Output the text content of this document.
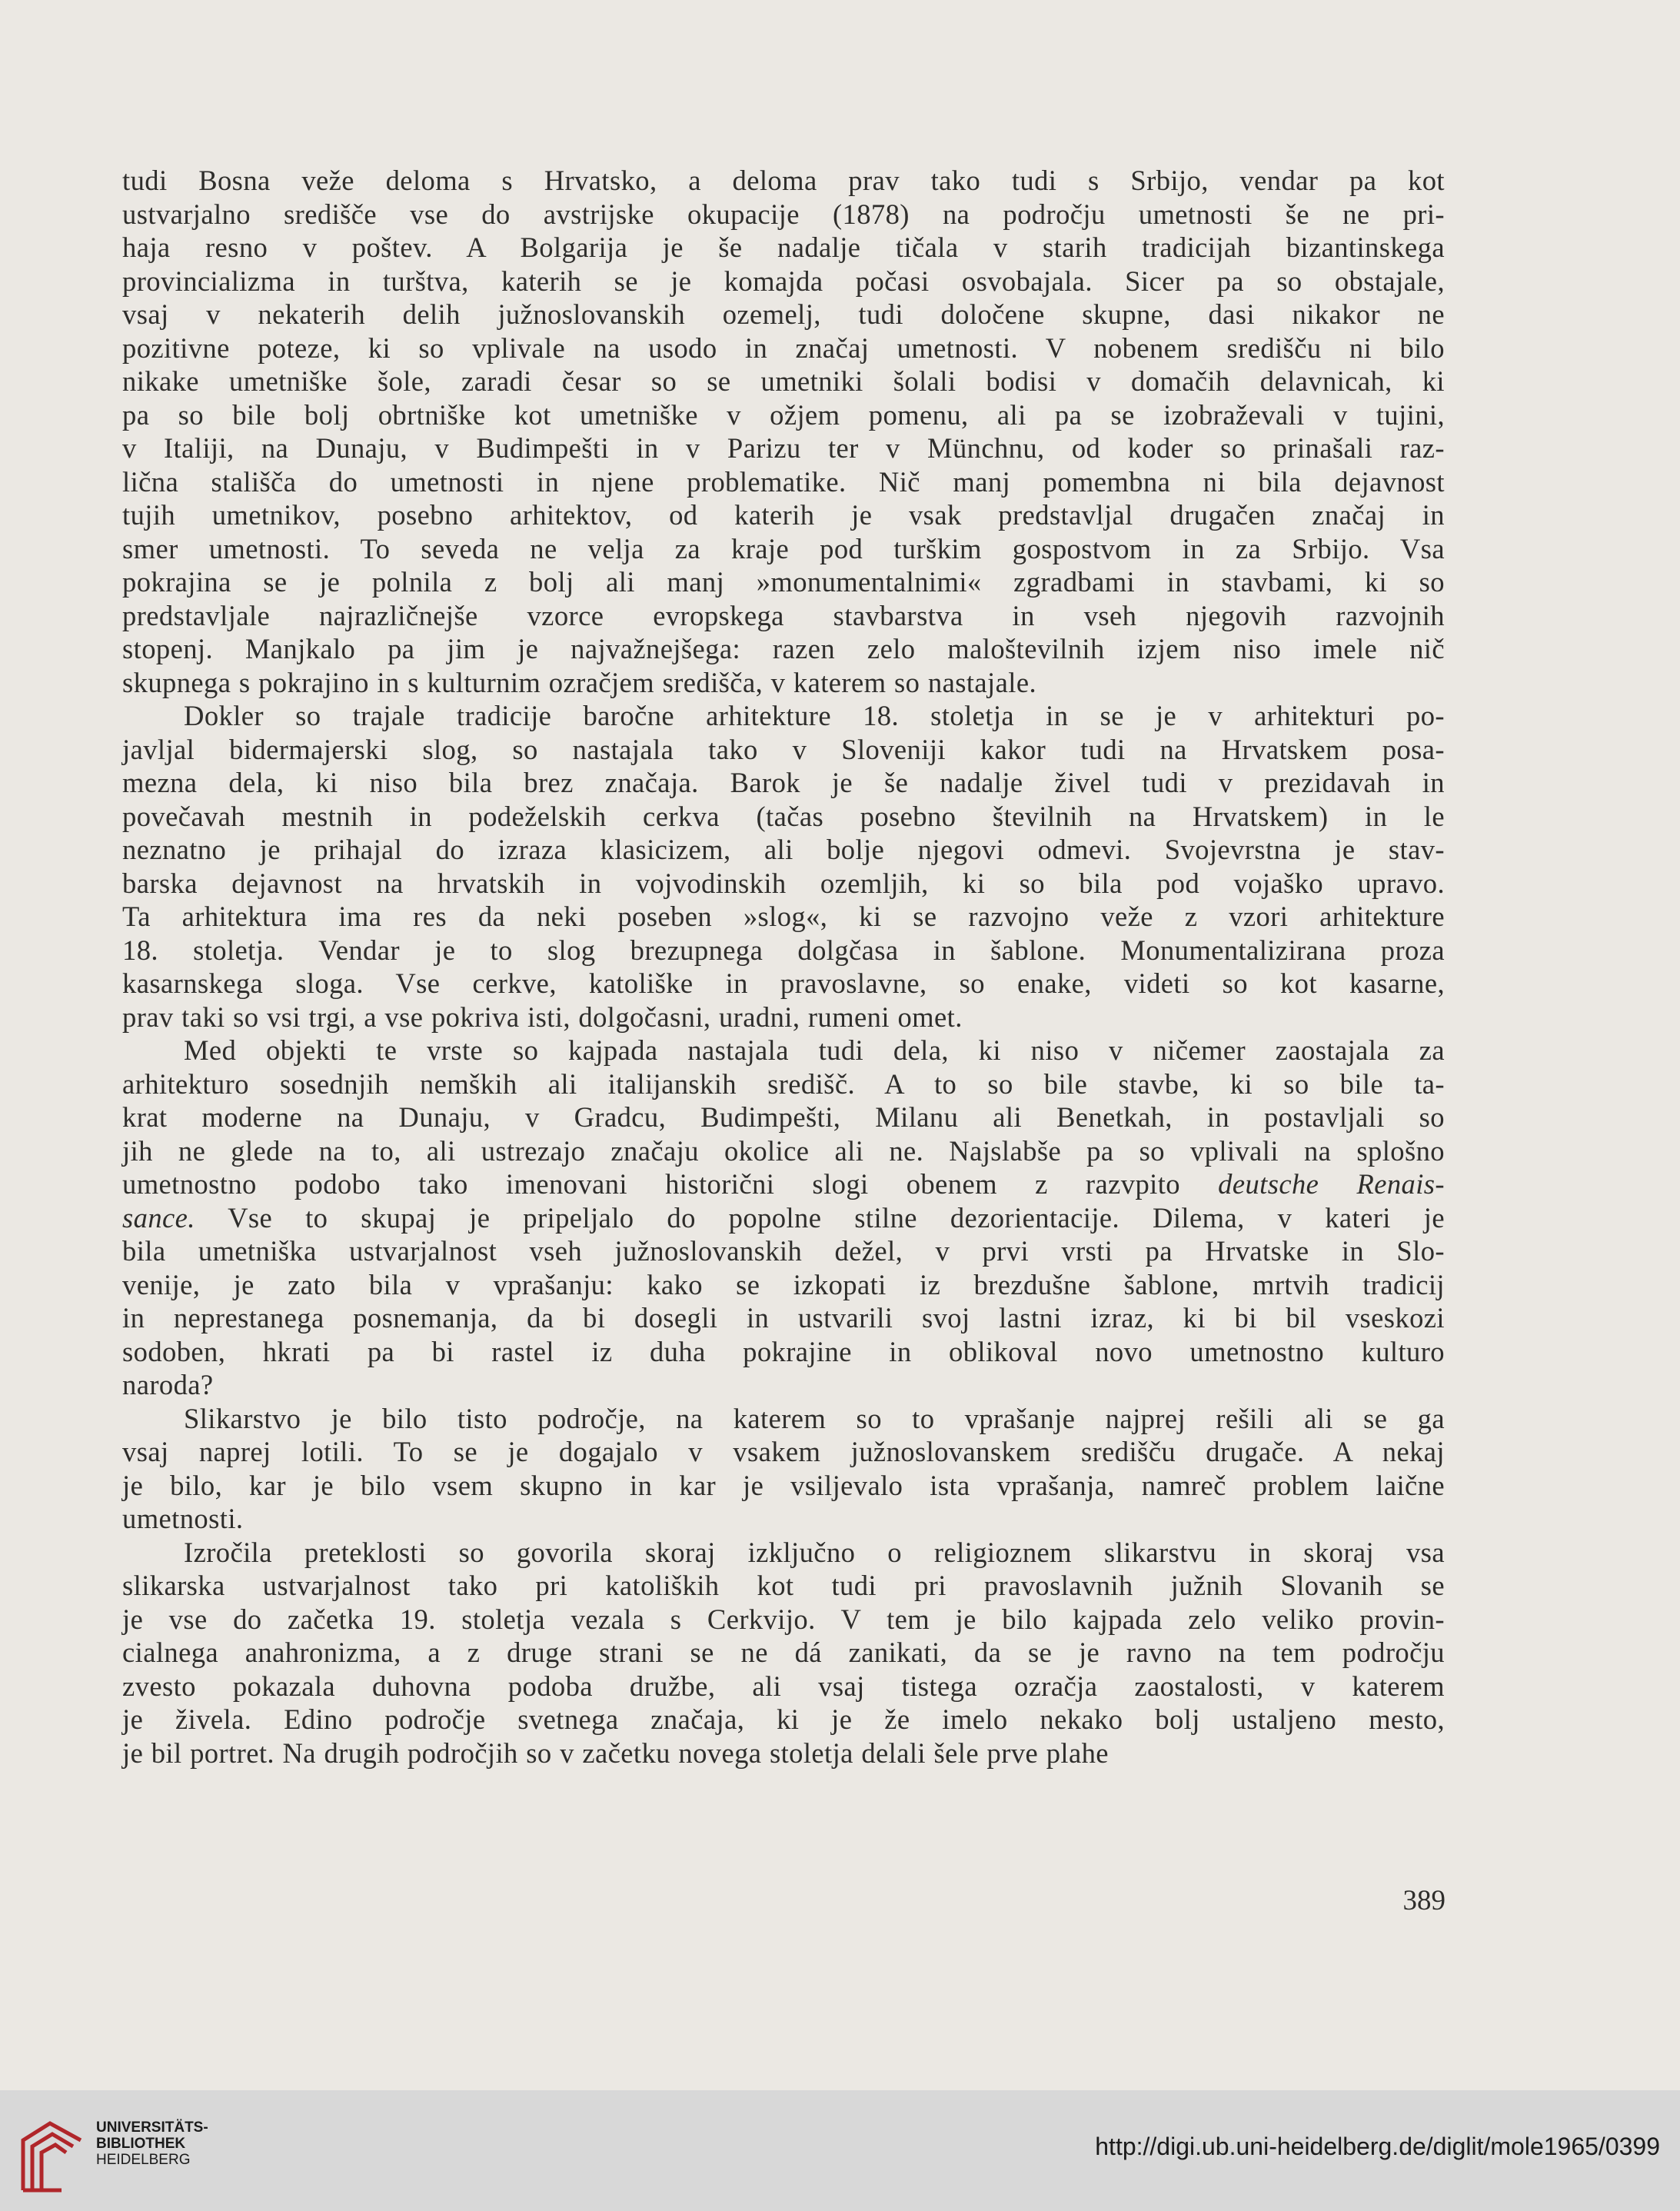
tudi Bosna veže deloma s Hrvatsko, a deloma prav tako tudi s Srbijo, vendar pa kot
ustvarjalno središče vse do avstrijske okupacije (1878) na področju umetnosti še ne pri-
haja resno v poštev. A Bolgarija je še nadalje tičala v starih tradicijah bizantinskega
provincializma in turštva, katerih se je komajda počasi osvobajala. Sicer pa so obstajale,
vsaj v nekaterih delih južnoslovanskih ozemelj, tudi določene skupne, dasi nikakor ne
pozitivne poteze, ki so vplivale na usodo in značaj umetnosti. V nobenem središču ni bilo
nikake umetniške šole, zaradi česar so se umetniki šolali bodisi v domačih delavnicah, ki
pa so bile bolj obrtniške kot umetniške v ožjem pomenu, ali pa se izobraževali v tujini,
v Italiji, na Dunaju, v Budimpešti in v Parizu ter v Münchnu, od koder so prinašali raz-
lična stališča do umetnosti in njene problematike. Nič manj pomembna ni bila dejavnost
tujih umetnikov, posebno arhitektov, od katerih je vsak predstavljal drugačen značaj in
smer umetnosti. To seveda ne velja za kraje pod turškim gospostvom in za Srbijo. Vsa
pokrajina se je polnila z bolj ali manj »monumentalnimi« zgradbami in stavbami, ki so
predstavljale najrazličnejše vzorce evropskega stavbarstva in vseh njegovih razvojnih
stopenj. Manjkalo pa jim je najvažnejšega: razen zelo maloštevilnih izjem niso imele nič
skupnega s pokrajino in s kulturnim ozračjem središča, v katerem so nastajale.
Dokler so trajale tradicije baročne arhitekture 18. stoletja in se je v arhitekturi po-
javljal bidermajerski slog, so nastajala tako v Sloveniji kakor tudi na Hrvatskem posa-
mezna dela, ki niso bila brez značaja. Barok je še nadalje živel tudi v prezidavah in
povečavah mestnih in podeželskih cerkva (tačas posebno številnih na Hrvatskem) in le
neznatno je prihajal do izraza klasicizem, ali bolje njegovi odmevi. Svojevrstna je stav-
barska dejavnost na hrvatskih in vojvodinskih ozemljih, ki so bila pod vojaško upravo.
Ta arhitektura ima res da neki poseben »slog«, ki se razvojno veže z vzori arhitekture
18. stoletja. Vendar je to slog brezupnega dolgčasa in šablone. Monumentalizirana proza
kasarnskega sloga. Vse cerkve, katoliške in pravoslavne, so enake, videti so kot kasarne,
prav taki so vsi trgi, a vse pokriva isti, dolgočasni, uradni, rumeni omet.
Med objekti te vrste so kajpada nastajala tudi dela, ki niso v ničemer zaostajala za
arhitekturo sosednjih nemških ali italijanskih središč. A to so bile stavbe, ki so bile ta-
krat moderne na Dunaju, v Gradcu, Budimpešti, Milanu ali Benetkah, in postavljali so
jih ne glede na to, ali ustrezajo značaju okolice ali ne. Najslabše pa so vplivali na splošno
umetnostno podobo tako imenovani historični slogi obenem z razvpito deutsche Renais-
sance. Vse to skupaj je pripeljalo do popolne stilne dezorientacije. Dilema, v kateri je
bila umetniška ustvarjalnost vseh južnoslovanskih dežel, v prvi vrsti pa Hrvatske in Slo-
venije, je zato bila v vprašanju: kako se izkopati iz brezdušne šablone, mrtvih tradicij
in neprestanega posnemanja, da bi dosegli in ustvarili svoj lastni izraz, ki bi bil vseskozi
sodoben, hkrati pa bi rastel iz duha pokrajine in oblikoval novo umetnostno kulturo
naroda?
Slikarstvo je bilo tisto področje, na katerem so to vprašanje najprej rešili ali se ga
vsaj naprej lotili. To se je dogajalo v vsakem južnoslovanskem središču drugače. A nekaj
je bilo, kar je bilo vsem skupno in kar je vsiljevalo ista vprašanja, namreč problem laične
umetnosti.
Izročila preteklosti so govorila skoraj izključno o religioznem slikarstvu in skoraj vsa
slikarska ustvarjalnost tako pri katoliških kot tudi pri pravoslavnih južnih Slovanih se
je vse do začetka 19. stoletja vezala s Cerkvijo. V tem je bilo kajpada zelo veliko provin-
cialnega anahronizma, a z druge strani se ne dá zanikati, da se je ravno na tem področju
zvesto pokazala duhovna podoba družbe, ali vsaj tistega ozračja zaostalosti, v katerem
je živela. Edino področje svetnega značaja, ki je že imelo nekako bolj ustaljeno mesto,
je bil portret. Na drugih področjih so v začetku novega stoletja delali šele prve plahe
389
UNIVERSITÄTS-
BIBLIOTHEK
HEIDELBERG	http://digi.ub.uni-heidelberg.de/diglit/mole1965/0399
